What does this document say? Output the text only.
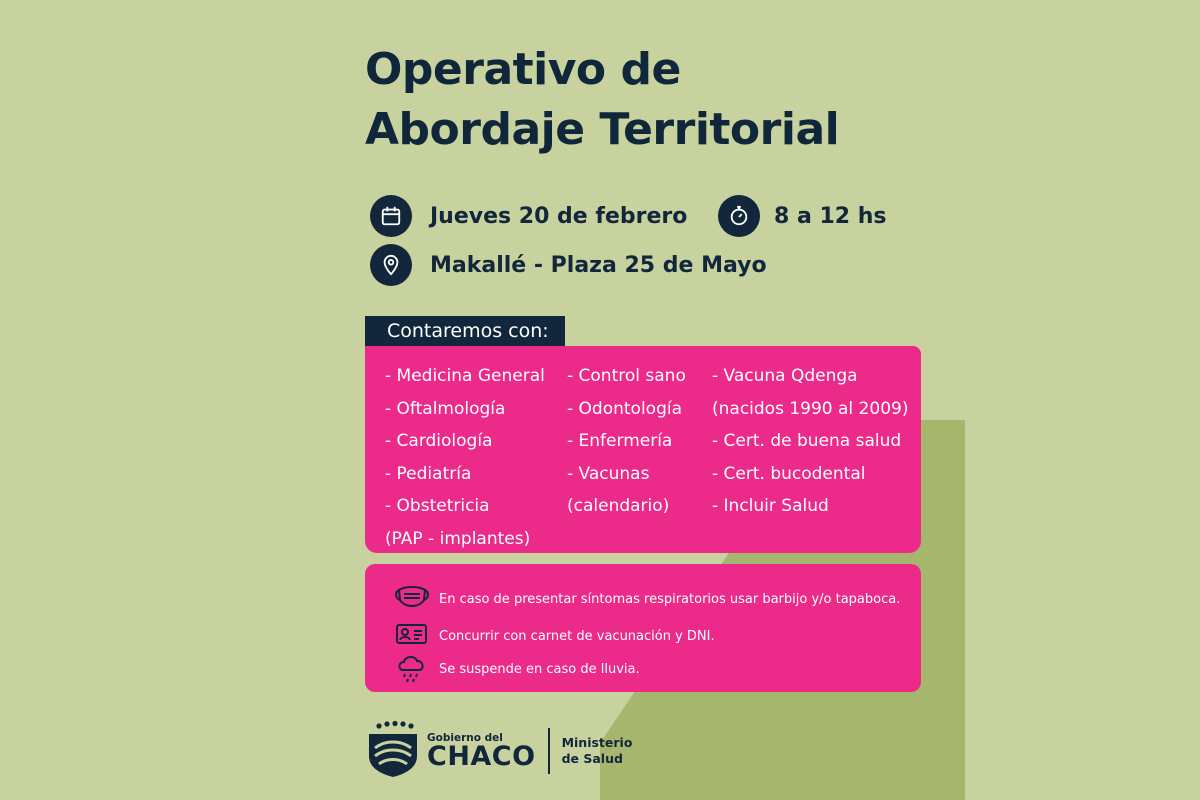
Operativo de
Abordaje Territorial
Jueves 20 de febrero	8 a 12 hs
Makallé - Plaza 25 de Mayo
Contaremos con:
- Medicina General
- Oftalmología
- Cardiología
- Pediatría
- Obstetricia
(PAP - implantes)
- Control sano
- Odontología
- Enfermería
- Vacunas
(calendario)
- Vacuna Qdenga
(nacidos 1990 al 2009)
- Cert. de buena salud
- Cert. bucodental
- Incluir Salud
En caso de presentar síntomas respiratorios usar barbijo y/o tapaboca.
Concurrir con carnet de vacunación y DNI.
Se suspende en caso de lluvia.
Gobierno del
CHACO Ministerio
de Salud
